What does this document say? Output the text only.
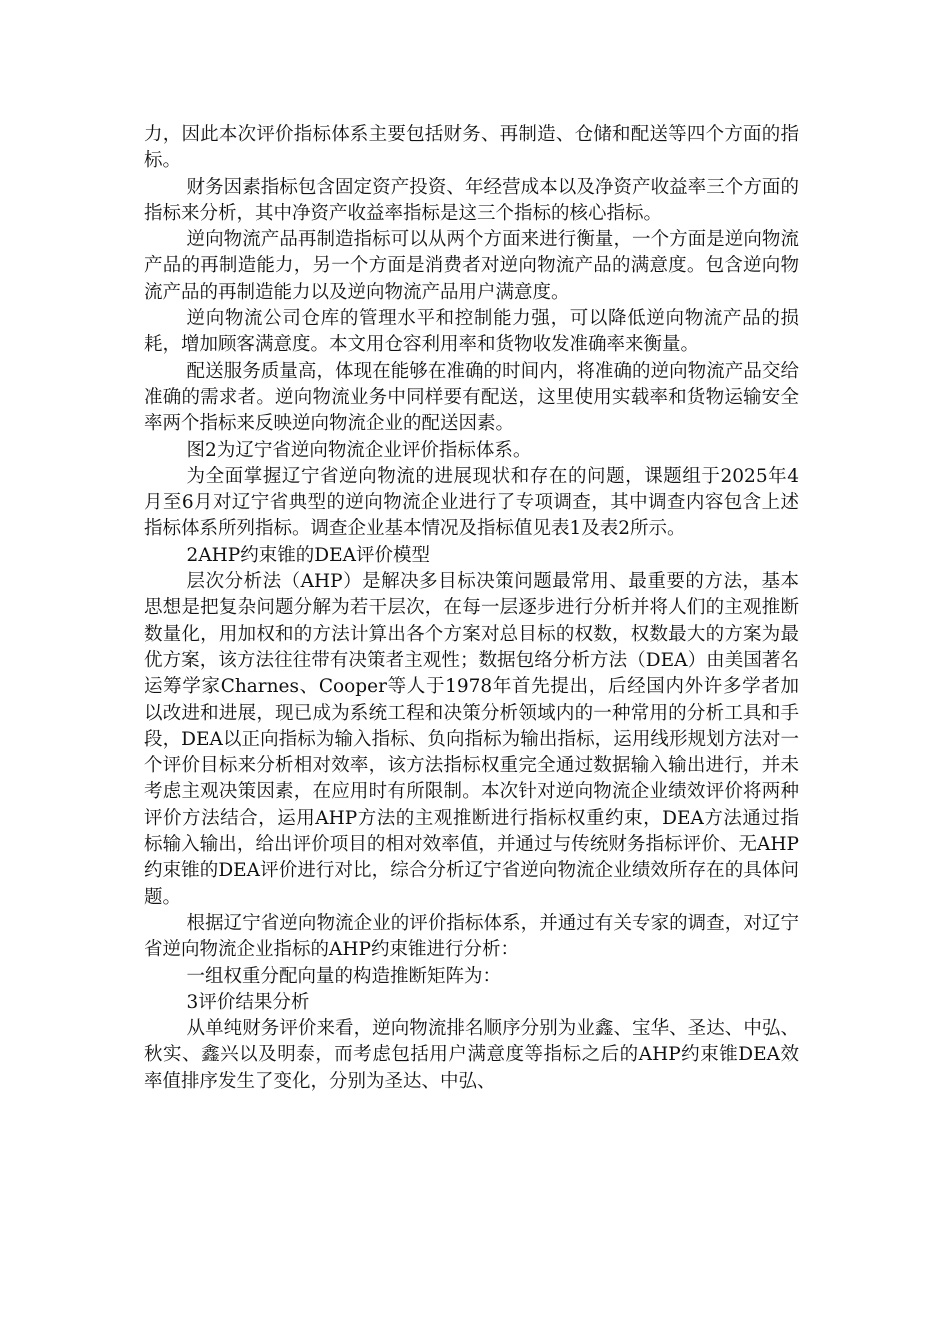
力，因此本次评价指标体系主要包括财务、再制造、仓储和配送等四个方面的指标。

财务因素指标包含固定资产投资、年经营成本以及净资产收益率三个方面的指标来分析，其中净资产收益率指标是这三个指标的核心指标。

逆向物流产品再制造指标可以从两个方面来进行衡量，一个方面是逆向物流产品的再制造能力，另一个方面是消费者对逆向物流产品的满意度。包含逆向物流产品的再制造能力以及逆向物流产品用户满意度。

逆向物流公司仓库的管理水平和控制能力强，可以降低逆向物流产品的损耗，增加顾客满意度。本文用仓容利用率和货物收发准确率来衡量。

配送服务质量高，体现在能够在准确的时间内，将准确的逆向物流产品交给准确的需求者。逆向物流业务中同样要有配送，这里使用实载率和货物运输安全率两个指标来反映逆向物流企业的配送因素。

图2为辽宁省逆向物流企业评价指标体系。

为全面掌握辽宁省逆向物流的进展现状和存在的问题，课题组于2025年4月至6月对辽宁省典型的逆向物流企业进行了专项调查，其中调查内容包含上述指标体系所列指标。调查企业基本情况及指标值见表1及表2所示。

2AHP约束锥的DEA评价模型

层次分析法（AHP）是解决多目标决策问题最常用、最重要的方法，基本思想是把复杂问题分解为若干层次，在每一层逐步进行分析并将人们的主观推断数量化，用加权和的方法计算出各个方案对总目标的权数，权数最大的方案为最优方案，该方法往往带有决策者主观性；数据包络分析方法（DEA）由美国著名运筹学家Charnes、Cooper等人于1978年首先提出，后经国内外许多学者加以改进和进展，现已成为系统工程和决策分析领域内的一种常用的分析工具和手段，DEA以正向指标为输入指标、负向指标为输出指标，运用线形规划方法对一个评价目标来分析相对效率，该方法指标权重完全通过数据输入输出进行，并未考虑主观决策因素，在应用时有所限制。本次针对逆向物流企业绩效评价将两种评价方法结合，运用AHP方法的主观推断进行指标权重约束，DEA方法通过指标输入输出，给出评价项目的相对效率值，并通过与传统财务指标评价、无AHP约束锥的DEA评价进行对比，综合分析辽宁省逆向物流企业绩效所存在的具体问题。

根据辽宁省逆向物流企业的评价指标体系，并通过有关专家的调查，对辽宁省逆向物流企业指标的AHP约束锥进行分析：

一组权重分配向量的构造推断矩阵为：

3评价结果分析

从单纯财务评价来看，逆向物流排名顺序分别为业鑫、宝华、圣达、中弘、秋实、鑫兴以及明泰，而考虑包括用户满意度等指标之后的AHP约束锥DEA效率值排序发生了变化，分别为圣达、中弘、
